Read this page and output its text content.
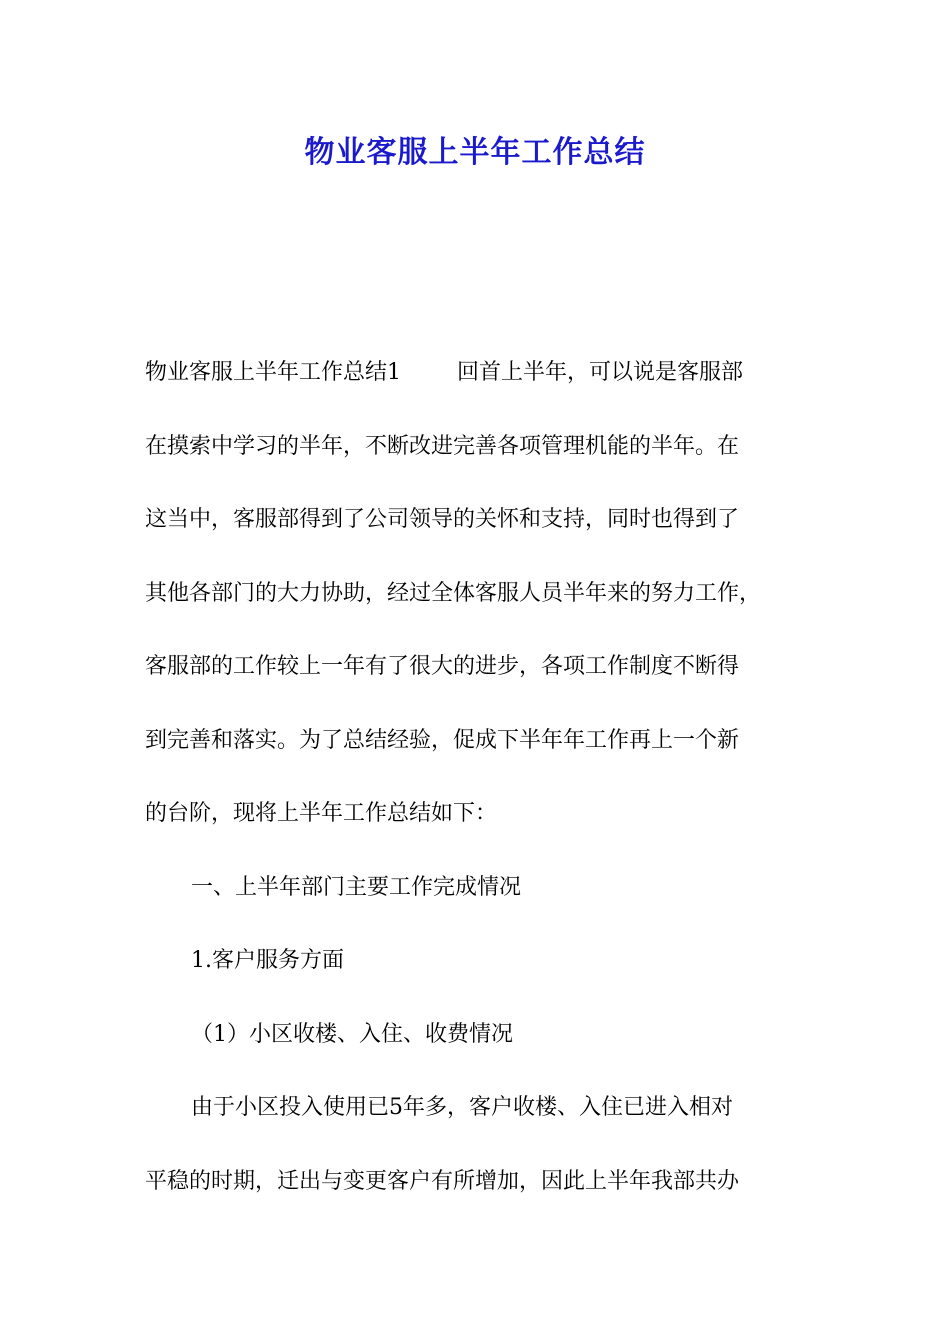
物业客服上半年工作总结

物业客服上半年工作总结1	回首上半年，可以说是客服部

在摸索中学习的半年，不断改进完善各项管理机能的半年。在

这当中，客服部得到了公司领导的关怀和支持，同时也得到了

其他各部门的大力协助，经过全体客服人员半年来的努力工作，

客服部的工作较上一年有了很大的进步，各项工作制度不断得

到完善和落实。为了总结经验，促成下半年年工作再上一个新

的台阶，现将上半年工作总结如下：

一、上半年部门主要工作完成情况

1.客户服务方面

（1）小区收楼、入住、收费情况

由于小区投入使用已5年多，客户收楼、入住已进入相对

平稳的时期，迁出与变更客户有所增加，因此上半年我部共办
